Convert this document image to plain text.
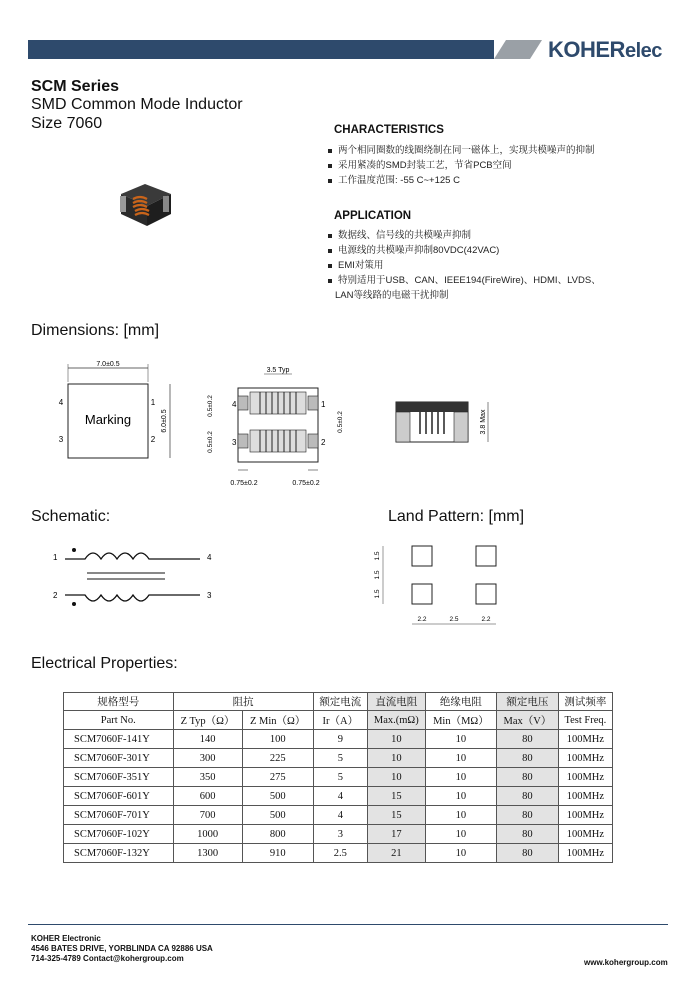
KOHERelec
SCM Series
SMD Common Mode Inductor
Size 7060	CHARACTERISTICS
两个相同圈数的线圈绕制在同一磁体上，实现共模噪声的抑制
采用紧凑的SMD封装工艺，节省PCB空间
工作温度范围: -55 C~+125 C
APPLICATION
数据线、信号线的共模噪声抑制
电源线的共模噪声抑制80VDC(42VAC)
EMI对策用
特别适用于USB、CAN、IEEE194(FireWire)、HDMI、LVDS、
LAN等线路的电磁干扰抑制
Dimensions: [mm]
7.0±0.5
Marking
4	1
3	2
6.0±0.5
3.5 Typ
4	1
3	2
0.5±0.2
0.5±0.2
0.5±0.2
0.75±0.2	0.75±0.2
3.8 Max
Schematic:
1	4
2	3
Land Pattern: [mm]
1.5
1.5
1.5
2.2	2.5	2.2
Electrical Properties:
规格型号	阻抗		额定电流	直流电阻	绝缘电阻	额定电压	测试频率
Part No.	Z Typ（Ω）	Z Min（Ω）	Ir（A）	Max.(mΩ)	Min（MΩ）	Max（V）	Test Freq.
SCM7060F-141Y	140	100	9	10	10	80	100MHz
SCM7060F-301Y	300	225	5	10	10	80	100MHz
SCM7060F-351Y	350	275	5	10	10	80	100MHz
SCM7060F-601Y	600	500	4	15	10	80	100MHz
SCM7060F-701Y	700	500	4	15	10	80	100MHz
SCM7060F-102Y	1000	800	3	17	10	80	100MHz
SCM7060F-132Y	1300	910	2.5	21	10	80	100MHz
KOHER Electronic
4546 BATES DRIVE, YORBLINDA CA 92886 USA
714-325-4789 Contact@kohergroup.com	www.kohergroup.com
